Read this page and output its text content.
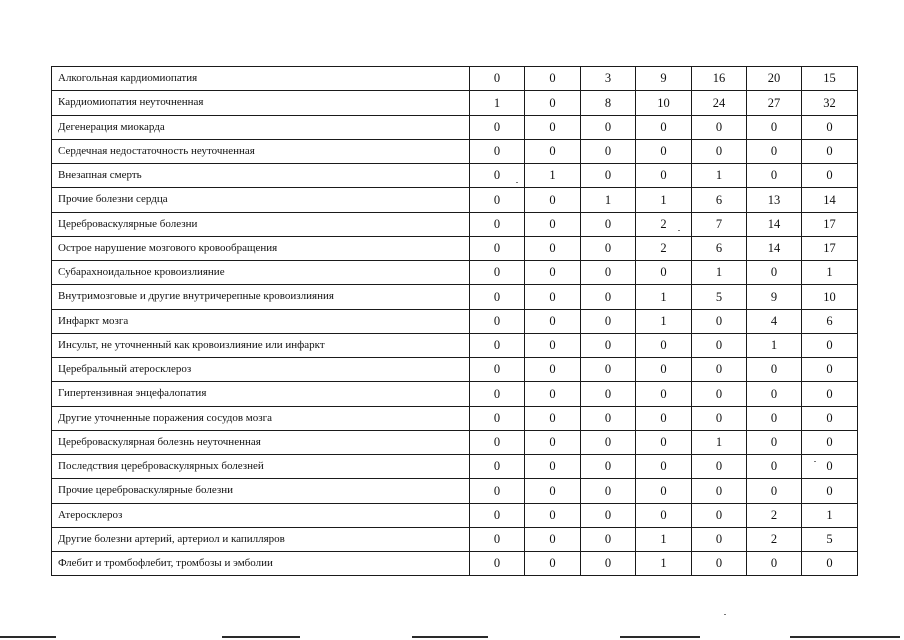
Алкогольная кардиомиопатия	0	0	3	9	16	20	15
Кардиомиопатия неуточненная	1	0	8	10	24	27	32
Дегенерация миокарда	0	0	0	0	0	0	0
Сердечная недостаточность неуточненная	0	0	0	0	0	0	0
Внезапная смерть	0	1	0	0	1	0	0
Прочие болезни сердца	0	0	1	1	6	13	14
Цереброваскулярные болезни	0	0	0	2	7	14	17
Острое нарушение мозгового кровообращения	0	0	0	2	6	14	17
Субарахноидальное кровоизлияние	0	0	0	0	1	0	1
Внутримозговые и другие внутричерепные кровоизлияния	0	0	0	1	5	9	10
Инфаркт мозга	0	0	0	1	0	4	6
Инсульт, не уточненный как кровоизлияние или инфаркт	0	0	0	0	0	1	0
Церебральный атеросклероз	0	0	0	0	0	0	0
Гипертензивная энцефалопатия	0	0	0	0	0	0	0
Другие уточненные поражения сосудов мозга	0	0	0	0	0	0	0
Цереброваскулярная болезнь неуточненная	0	0	0	0	1	0	0
Последствия цереброваскулярных болезней	0	0	0	0	0	0	0
Прочие цереброваскулярные болезни	0	0	0	0	0	0	0
Атеросклероз	0	0	0	0	0	2	1
Другие болезни артерий, артериол и капилляров	0	0	0	1	0	2	5
Флебит и тромбофлебит, тромбозы и эмболии	0	0	0	1	0	0	0
